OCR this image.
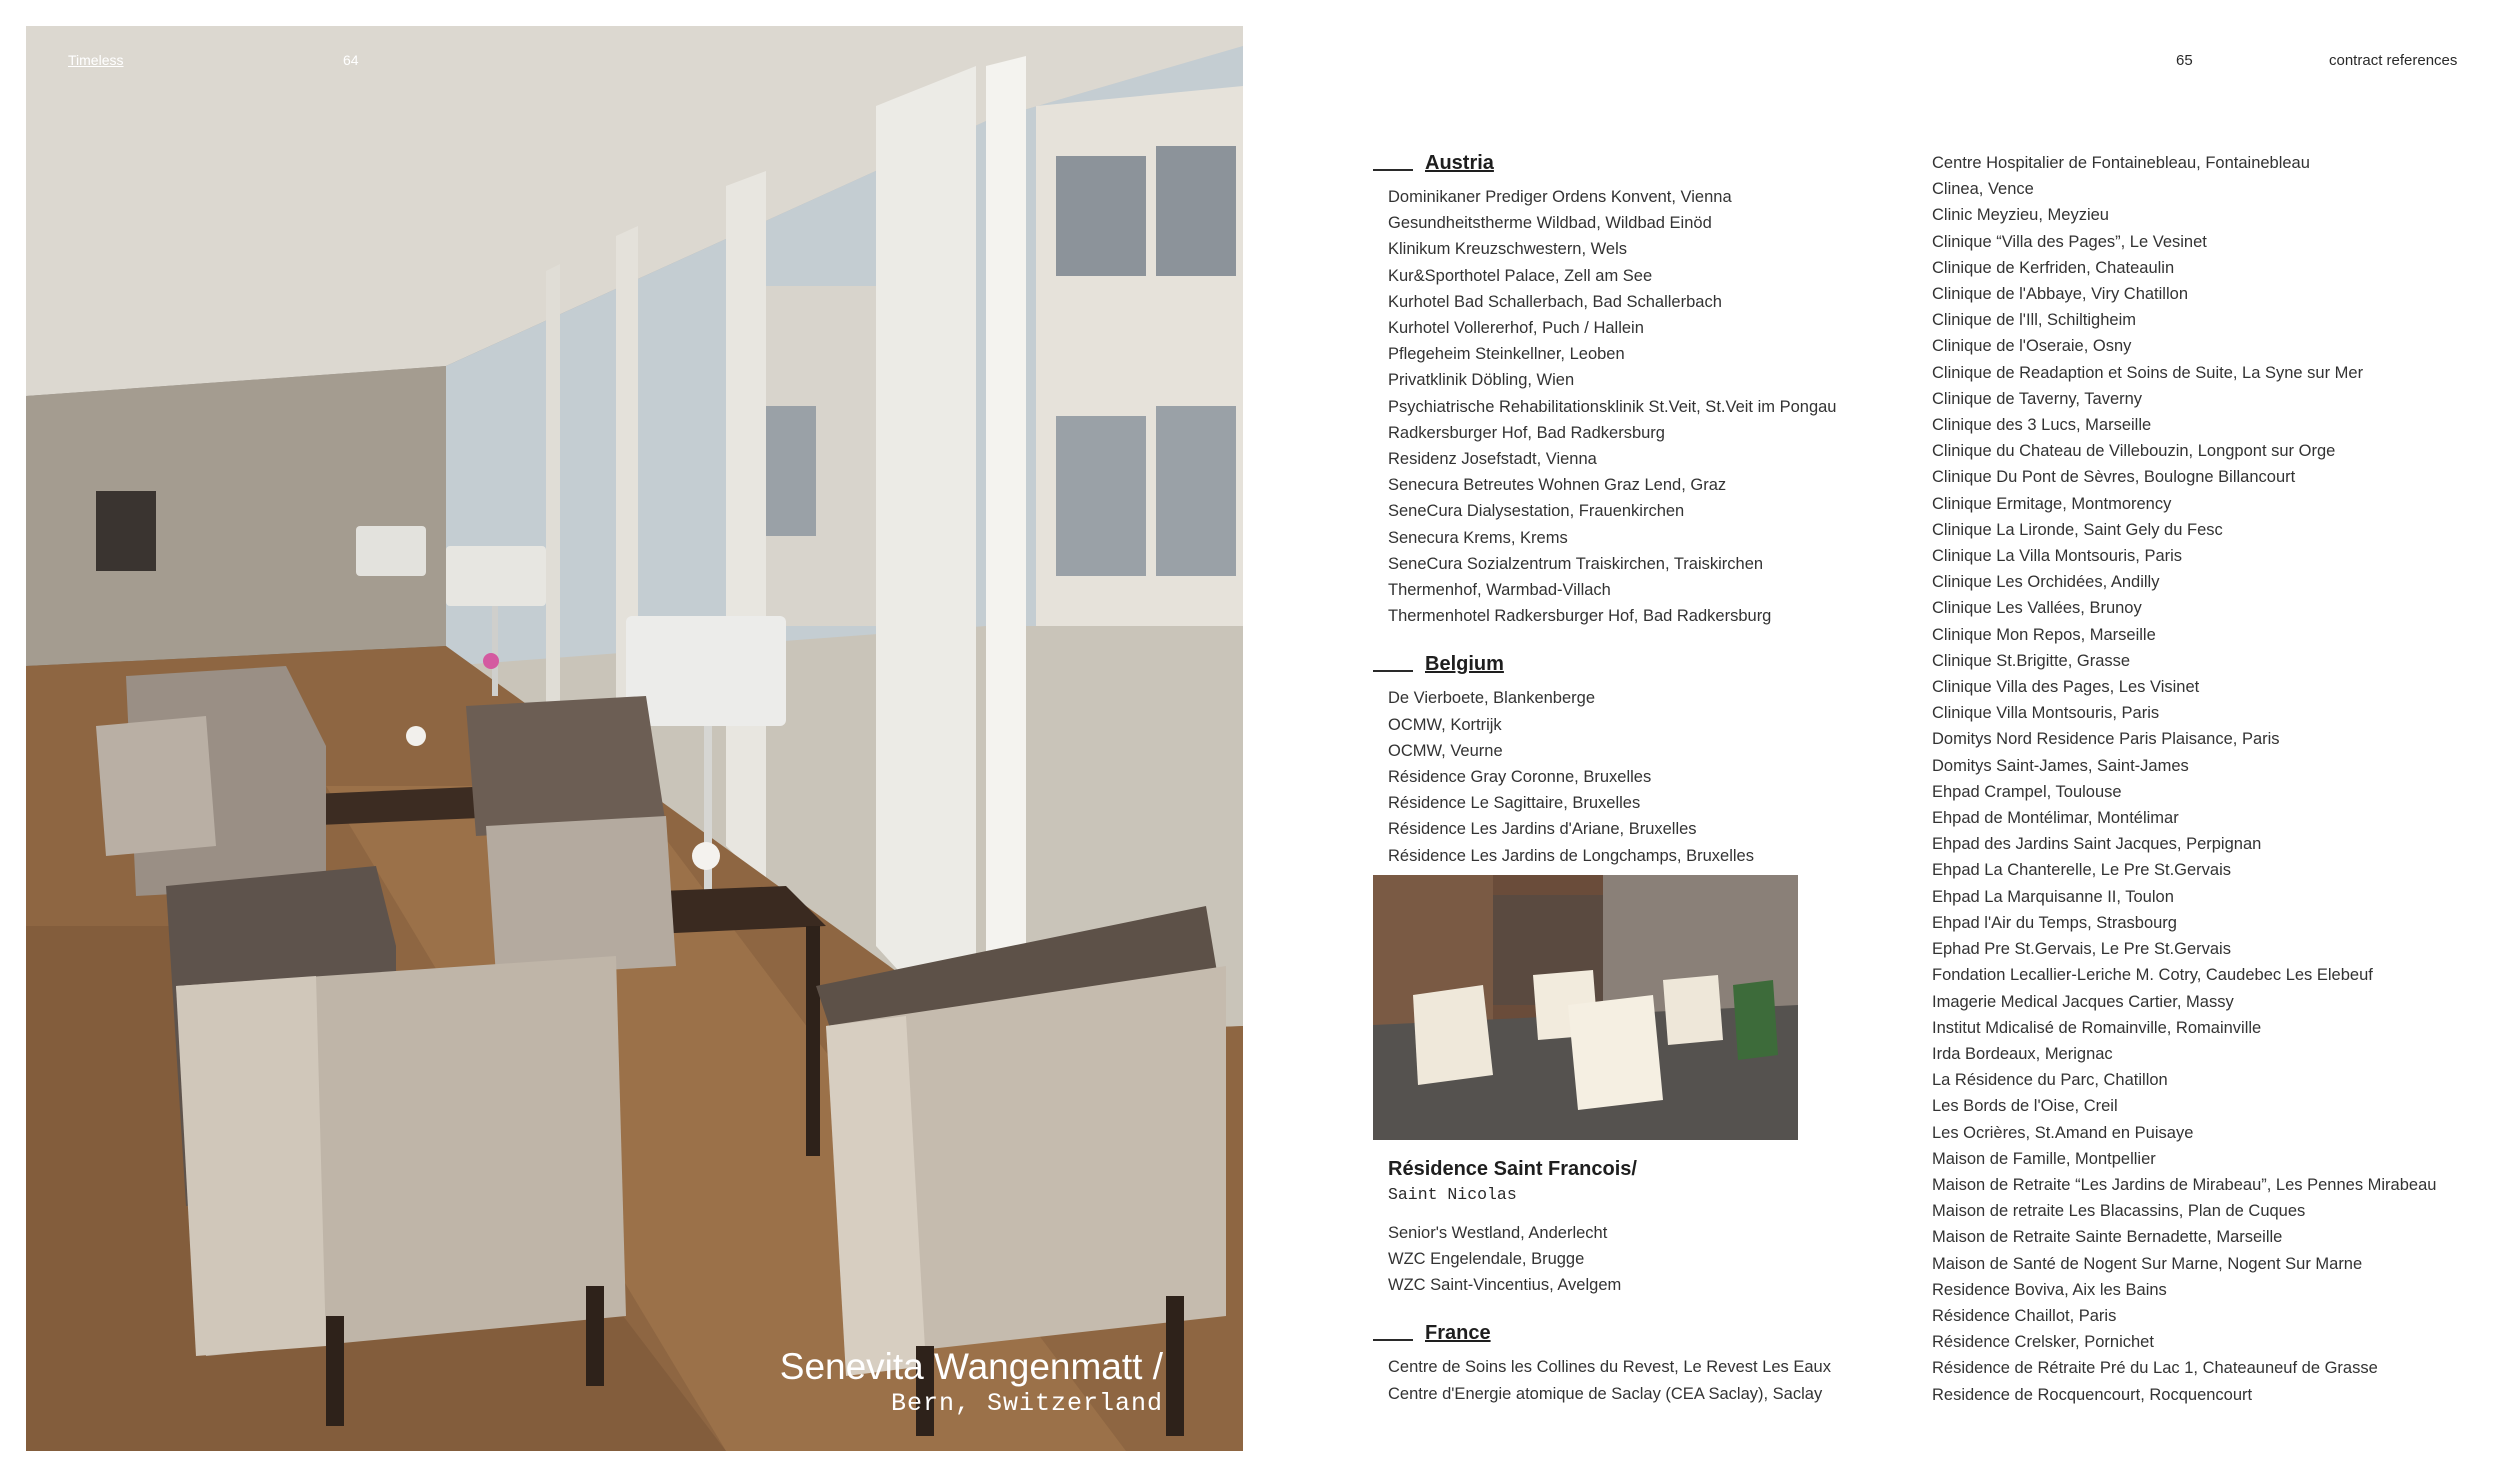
Timeless	64
Senevita Wangenmatt /
Bern, Switzerland
65	contract references
Austria
Dominikaner Prediger Ordens Konvent, Vienna
Gesundheitstherme Wildbad, Wildbad Einöd
Klinikum Kreuzschwestern, Wels
Kur&Sporthotel Palace, Zell am See
Kurhotel Bad Schallerbach, Bad Schallerbach
Kurhotel Vollererhof, Puch / Hallein
Pflegeheim Steinkellner, Leoben
Privatklinik Döbling, Wien
Psychiatrische Rehabilitationsklinik St.Veit, St.Veit im Pongau
Radkersburger Hof, Bad Radkersburg
Residenz Josefstadt, Vienna
Senecura Betreutes Wohnen Graz Lend, Graz
SeneCura Dialysestation, Frauenkirchen
Senecura Krems, Krems
SeneCura Sozialzentrum Traiskirchen, Traiskirchen
Thermenhof, Warmbad-Villach
Thermenhotel Radkersburger Hof, Bad Radkersburg
Belgium
De Vierboete, Blankenberge
OCMW, Kortrijk
OCMW, Veurne
Résidence Gray Coronne, Bruxelles
Résidence Le Sagittaire, Bruxelles
Résidence Les Jardins d'Ariane, Bruxelles
Résidence Les Jardins de Longchamps, Bruxelles
Résidence Saint Francois/
Saint Nicolas
Senior's Westland, Anderlecht
WZC Engelendale, Brugge
WZC Saint-Vincentius, Avelgem
France
Centre de Soins les Collines du Revest, Le Revest Les Eaux
Centre d'Energie atomique de Saclay (CEA Saclay), Saclay
Centre Hospitalier de Fontainebleau, Fontainebleau
Clinea, Vence
Clinic Meyzieu, Meyzieu
Clinique “Villa des Pages”, Le Vesinet
Clinique de Kerfriden, Chateaulin
Clinique de l'Abbaye, Viry Chatillon
Clinique de l'Ill, Schiltigheim
Clinique de l'Oseraie, Osny
Clinique de Readaption et Soins de Suite, La Syne sur Mer
Clinique de Taverny, Taverny
Clinique des 3 Lucs, Marseille
Clinique du Chateau de Villebouzin, Longpont sur Orge
Clinique Du Pont de Sèvres, Boulogne Billancourt
Clinique Ermitage, Montmorency
Clinique La Lironde, Saint Gely du Fesc
Clinique La Villa Montsouris, Paris
Clinique Les Orchidées, Andilly
Clinique Les Vallées, Brunoy
Clinique Mon Repos, Marseille
Clinique St.Brigitte, Grasse
Clinique Villa des Pages, Les Visinet
Clinique Villa Montsouris, Paris
Domitys Nord Residence Paris Plaisance, Paris
Domitys Saint-James, Saint-James
Ehpad Crampel, Toulouse
Ehpad de Montélimar, Montélimar
Ehpad des Jardins Saint Jacques, Perpignan
Ehpad La Chanterelle, Le Pre St.Gervais
Ehpad La Marquisanne II, Toulon
Ehpad l'Air du Temps, Strasbourg
Ephad Pre St.Gervais, Le Pre St.Gervais
Fondation Lecallier-Leriche M. Cotry, Caudebec Les Elebeuf
Imagerie Medical Jacques Cartier, Massy
Institut Mdicalisé de Romainville, Romainville
Irda Bordeaux, Merignac
La Résidence du Parc, Chatillon
Les Bords de l'Oise, Creil
Les Ocrières, St.Amand en Puisaye
Maison de Famille, Montpellier
Maison de Retraite “Les Jardins de Mirabeau”, Les Pennes Mirabeau
Maison de retraite Les Blacassins, Plan de Cuques
Maison de Retraite Sainte Bernadette, Marseille
Maison de Santé de Nogent Sur Marne, Nogent Sur Marne
Residence Boviva, Aix les Bains
Résidence Chaillot, Paris
Résidence Crelsker, Pornichet
Résidence de Rétraite Pré du Lac 1, Chateauneuf de Grasse
Residence de Rocquencourt, Rocquencourt
